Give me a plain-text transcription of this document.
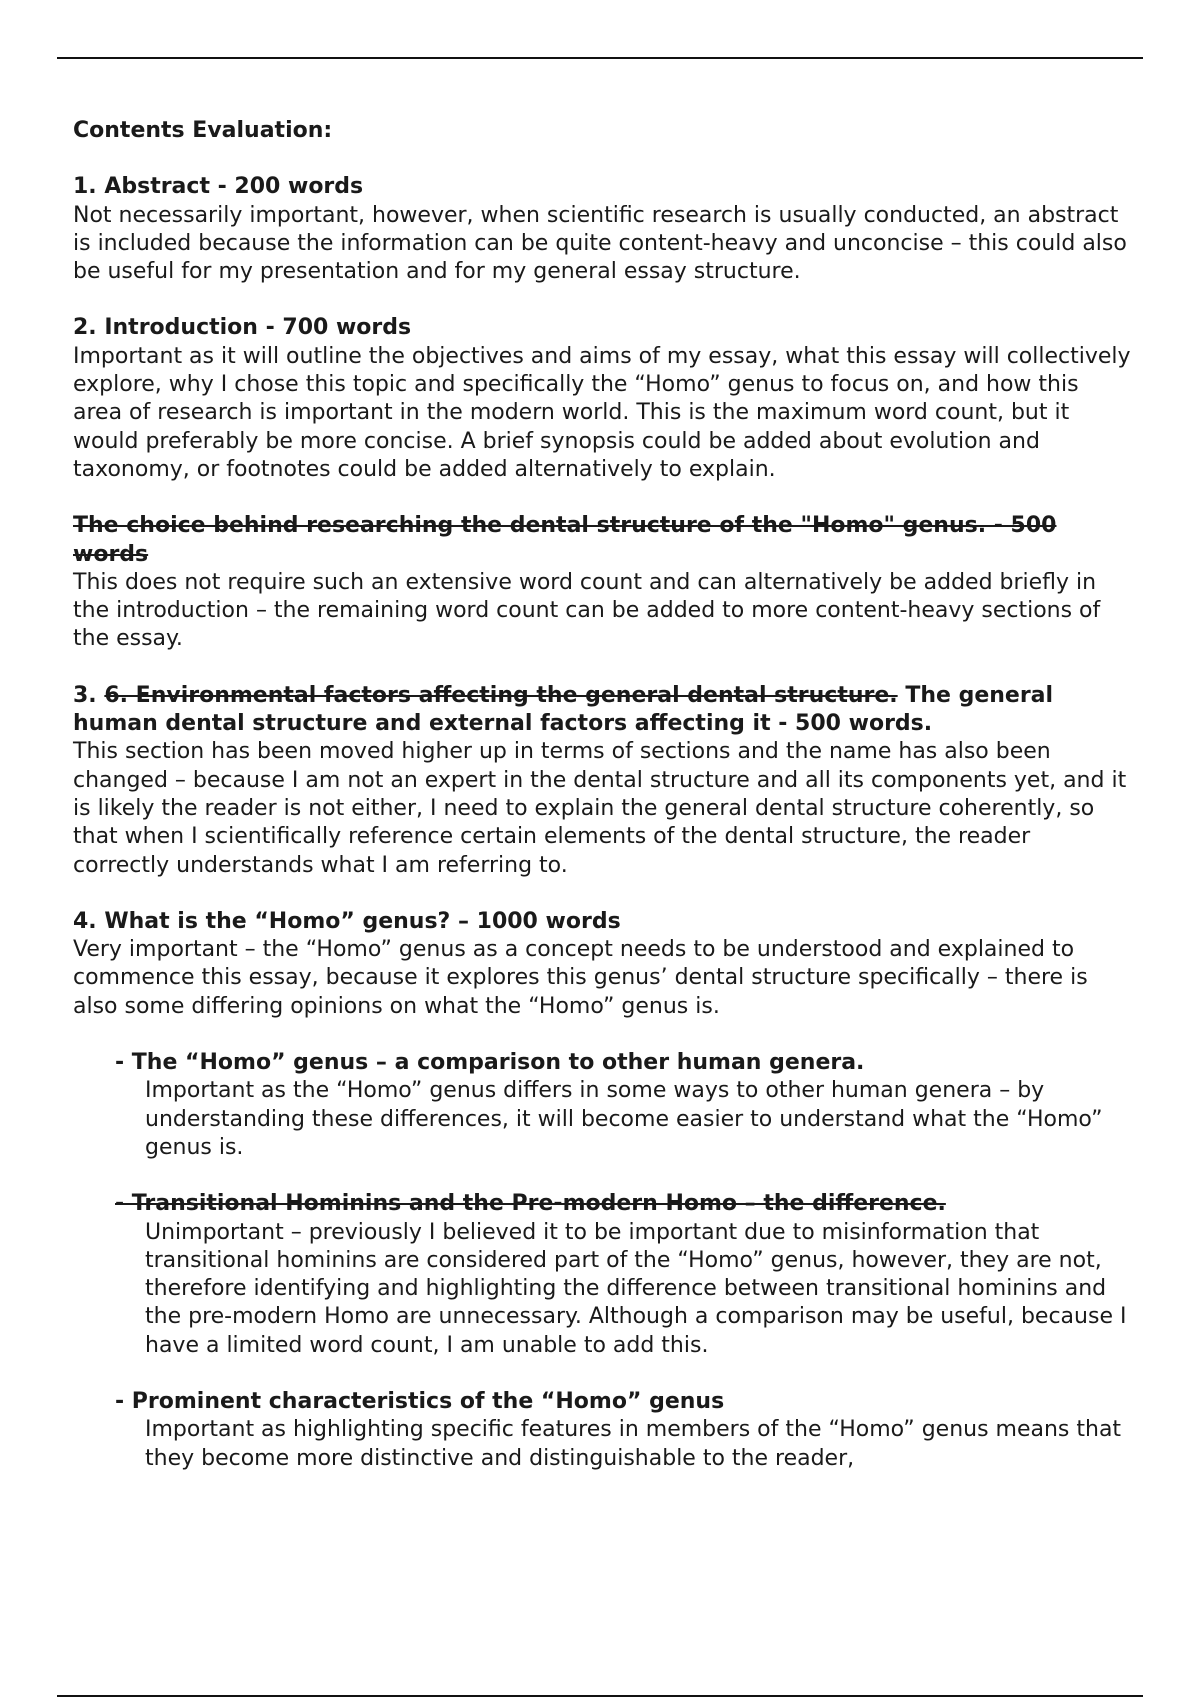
Contents Evaluation:

1. Abstract - 200 words

Not necessarily important, however, when scientific research is usually conducted, an abstract is included because the information can be quite content-heavy and unconcise – this could also be useful for my presentation and for my general essay structure.

2. Introduction - 700 words

Important as it will outline the objectives and aims of my essay, what this essay will collectively explore, why I chose this topic and specifically the “Homo” genus to focus on, and how this area of research is important in the modern world. This is the maximum word count, but it would preferably be more concise. A brief synopsis could be added about evolution and taxonomy, or footnotes could be added alternatively to explain.

The choice behind researching the dental structure of the "Homo" genus. - 500 words

This does not require such an extensive word count and can alternatively be added briefly in the introduction – the remaining word count can be added to more content-heavy sections of the essay.

3. 6. Environmental factors affecting the general dental structure. The general human dental structure and external factors affecting it - 500 words.

This section has been moved higher up in terms of sections and the name has also been changed – because I am not an expert in the dental structure and all its components yet, and it is likely the reader is not either, I need to explain the general dental structure coherently, so that when I scientifically reference certain elements of the dental structure, the reader correctly understands what I am referring to.

4. What is the “Homo” genus? – 1000 words

Very important – the “Homo” genus as a concept needs to be understood and explained to commence this essay, because it explores this genus’ dental structure specifically – there is also some differing opinions on what the “Homo” genus is.

- The “Homo” genus – a comparison to other human genera.

Important as the “Homo” genus differs in some ways to other human genera – by understanding these differences, it will become easier to understand what the “Homo” genus is.

- Transitional Hominins and the Pre-modern Homo – the difference.

Unimportant – previously I believed it to be important due to misinformation that transitional hominins are considered part of the “Homo” genus, however, they are not, therefore identifying and highlighting the difference between transitional hominins and the pre-modern Homo are unnecessary. Although a comparison may be useful, because I have a limited word count, I am unable to add this.

- Prominent characteristics of the “Homo” genus

Important as highlighting specific features in members of the “Homo” genus means that they become more distinctive and distinguishable to the reader,
